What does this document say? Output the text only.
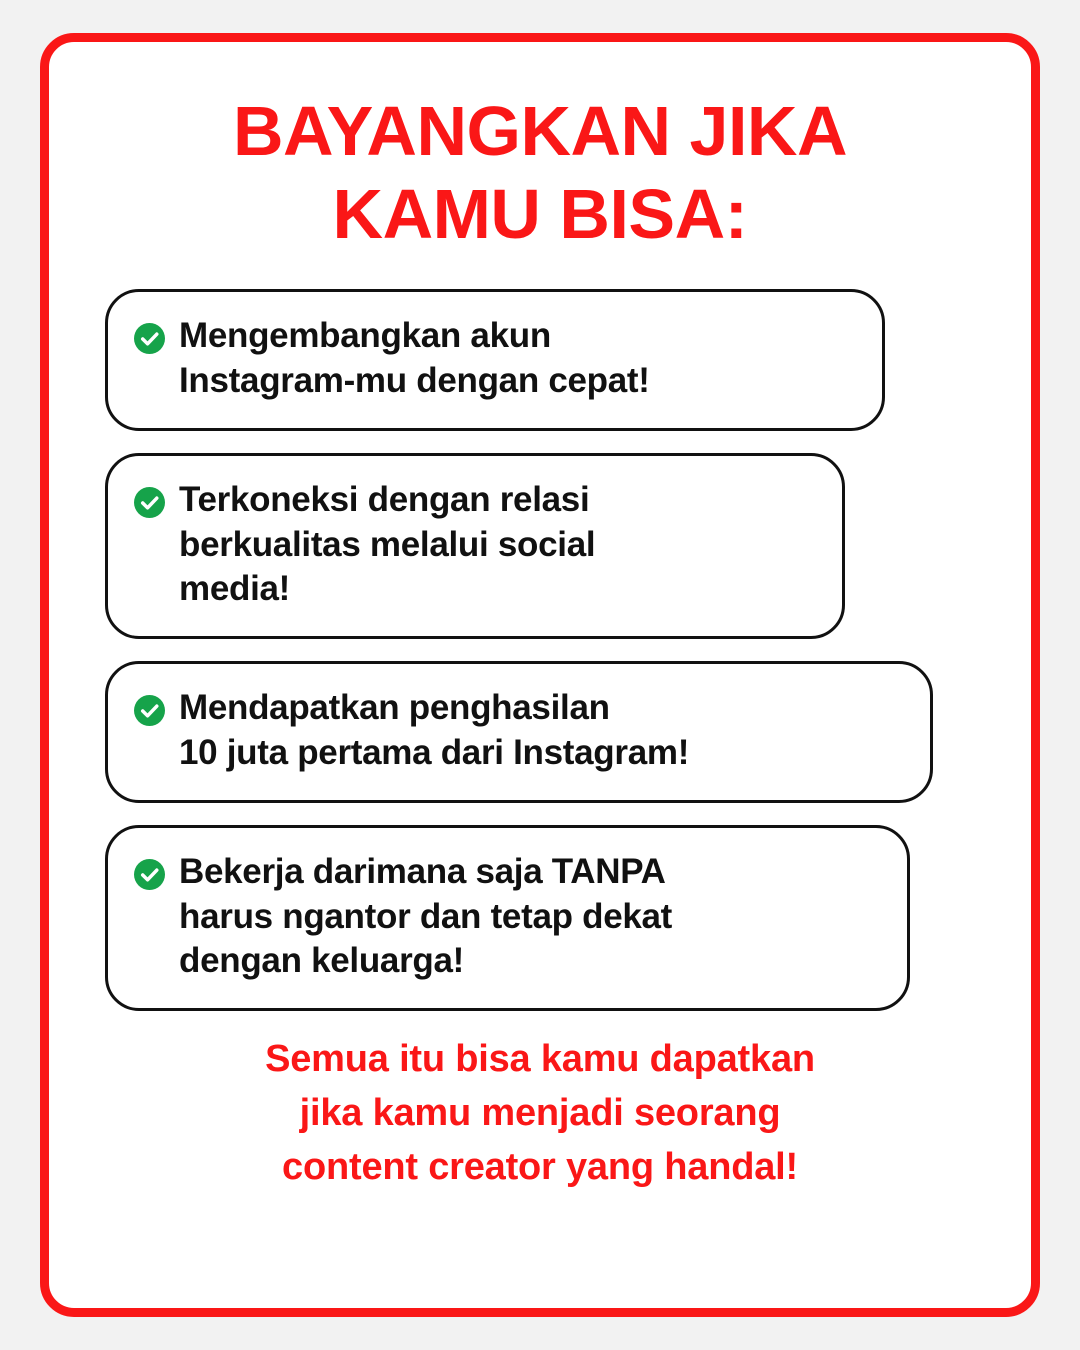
BAYANGKAN JIKA
KAMU BISA:
Mengembangkan akun
Instagram-mu dengan cepat!
Terkoneksi dengan relasi
berkualitas melalui social
media!
Mendapatkan penghasilan
10 juta pertama dari Instagram!
Bekerja darimana saja TANPA
harus ngantor dan tetap dekat
dengan keluarga!
Semua itu bisa kamu dapatkan
jika kamu menjadi seorang
content creator yang handal!
